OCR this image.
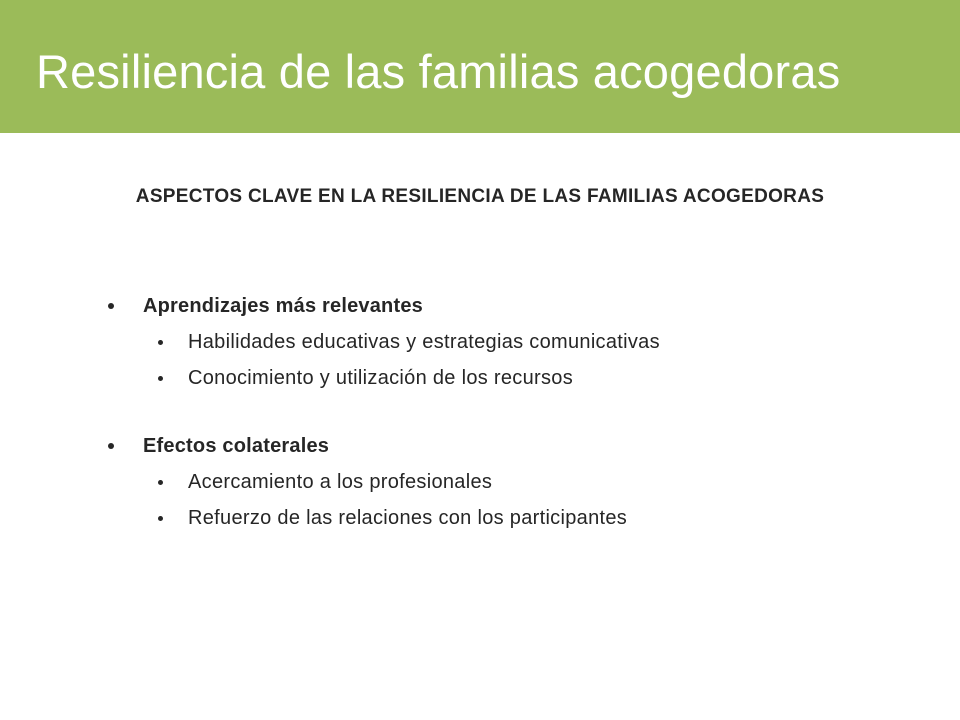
Resiliencia de las familias acogedoras
ASPECTOS CLAVE EN LA RESILIENCIA DE LAS FAMILIAS ACOGEDORAS
Aprendizajes más relevantes
Habilidades educativas y estrategias comunicativas
Conocimiento y utilización de los recursos
Efectos colaterales
Acercamiento a los profesionales
Refuerzo de las relaciones con los participantes
